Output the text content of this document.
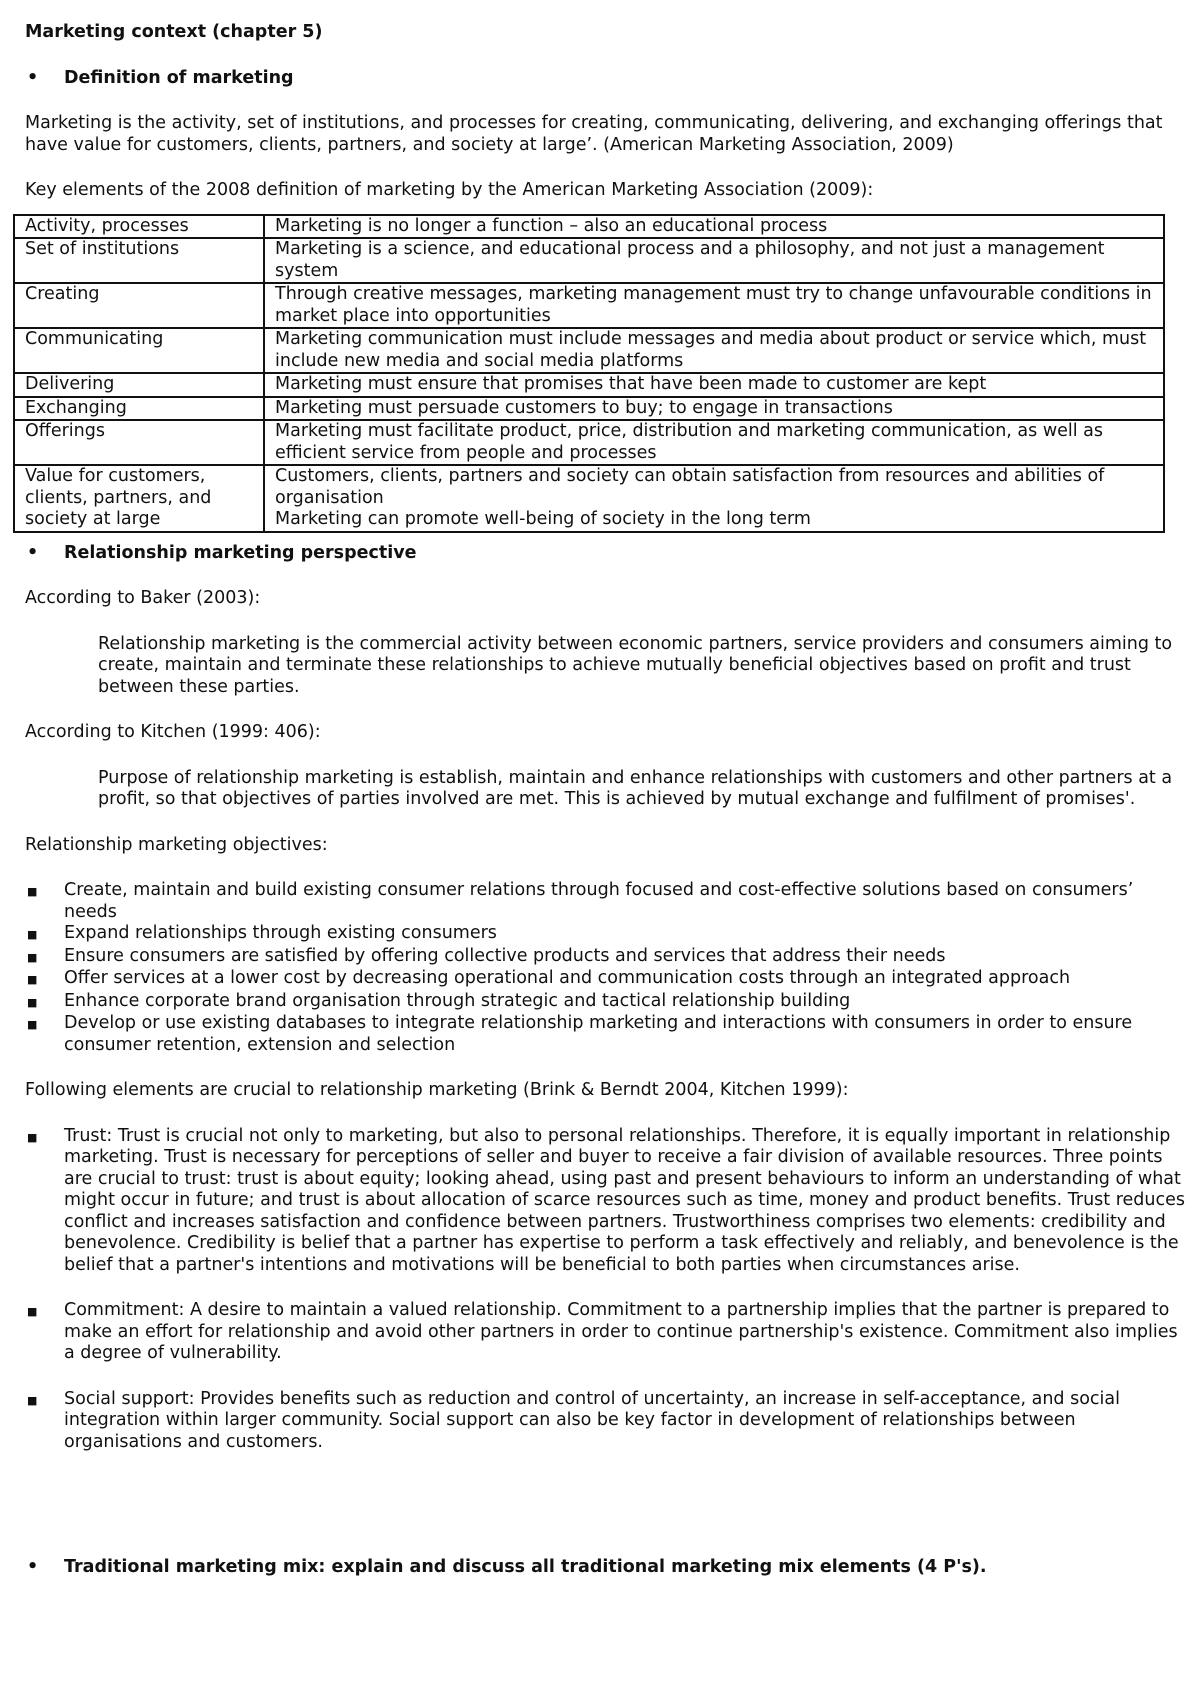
Marketing context (chapter 5)
•	Definition of marketing

Marketing is the activity, set of institutions, and processes for creating, communicating, delivering, and exchanging offerings that have value for customers, clients, partners, and society at large’. (American Marketing Association, 2009)

Key elements of the 2008 definition of marketing by the American Marketing Association (2009):

Activity, processes	Marketing is no longer a function – also an educational process

Set of institutions	Marketing is a science, and educational process and a philosophy, and not just a management system

Creating	Through creative messages, marketing management must try to change unfavourable conditions in market place into opportunities

Communicating	Marketing communication must include messages and media about product or service which, must include new media and social media platforms

Delivering	Marketing must ensure that promises that have been made to customer are kept

Exchanging	Marketing must persuade customers to buy; to engage in transactions

Offerings	Marketing must facilitate product, price, distribution and marketing communication, as well as efficient service from people and processes

Value for customers, clients, partners, and society at large	Customers, clients, partners and society can obtain satisfaction from resources and abilities of organisation
Marketing can promote well-being of society in the long term
•	Relationship marketing perspective

According to Baker (2003):

Relationship marketing is the commercial activity between economic partners, service providers and consumers aiming to create, maintain and terminate these relationships to achieve mutually beneficial objectives based on profit and trust between these parties.

According to Kitchen (1999: 406):

Purpose of relationship marketing is establish, maintain and enhance relationships with customers and other partners at a profit, so that objectives of parties involved are met. This is achieved by mutual exchange and fulfilment of promises'.

Relationship marketing objectives:

■	Create, maintain and build existing consumer relations through focused and cost-effective solutions based on consumers’ needs
■	Expand relationships through existing consumers
■	Ensure consumers are satisfied by offering collective products and services that address their needs
■	Offer services at a lower cost by decreasing operational and communication costs through an integrated approach
■	Enhance corporate brand organisation through strategic and tactical relationship building
■	Develop or use existing databases to integrate relationship marketing and interactions with consumers in order to ensure consumer retention, extension and selection

Following elements are crucial to relationship marketing (Brink & Berndt 2004, Kitchen 1999):

■	Trust: Trust is crucial not only to marketing, but also to personal relationships. Therefore, it is equally important in relationship marketing. Trust is necessary for perceptions of seller and buyer to receive a fair division of available resources. Three points are crucial to trust: trust is about equity; looking ahead, using past and present behaviours to inform an understanding of what might occur in future; and trust is about allocation of scarce resources such as time, money and product benefits. Trust reduces conflict and increases satisfaction and confidence between partners. Trustworthiness comprises two elements: credibility and benevolence. Credibility is belief that a partner has expertise to perform a task effectively and reliably, and benevolence is the belief that a partner's intentions and motivations will be beneficial to both parties when circumstances arise.
■	Commitment: A desire to maintain a valued relationship. Commitment to a partnership implies that the partner is prepared to make an effort for relationship and avoid other partners in order to continue partnership's existence. Commitment also implies a degree of vulnerability.
■	Social support: Provides benefits such as reduction and control of uncertainty, an increase in self-acceptance, and social integration within larger community. Social support can also be key factor in development of relationships between organisations and customers.
•	Traditional marketing mix: explain and discuss all traditional marketing mix elements (4 P's).
